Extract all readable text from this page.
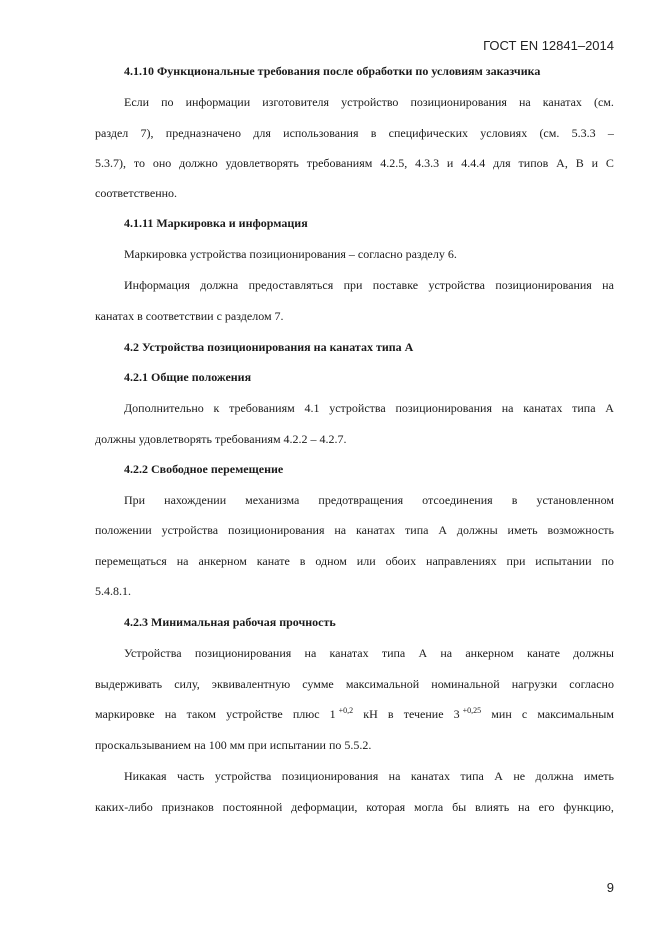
ГОСТ EN 12841–2014
4.1.10 Функциональные требования после обработки по условиям заказчика
Если по информации изготовителя устройство позиционирования на канатах (см.
раздел 7), предназначено для использования в специфических условиях (см. 5.3.3 –
5.3.7), то оно должно удовлетворять требованиям 4.2.5, 4.3.3 и 4.4.4 для типов A, B и C
соответственно.
4.1.11 Маркировка и информация
Маркировка устройства позиционирования – согласно разделу 6.
Информация должна предоставляться при поставке устройства позиционирования на
канатах в соответствии с разделом 7.
4.2 Устройства позиционирования на канатах типа А
4.2.1 Общие положения
Дополнительно к требованиям 4.1 устройства позиционирования на канатах типа А
должны удовлетворять требованиям 4.2.2 – 4.2.7.
4.2.2 Свободное перемещение
При нахождении механизма предотвращения отсоединения в установленном
положении устройства позиционирования на канатах типа А должны иметь возможность
перемещаться на анкерном канате в одном или обоих направлениях при испытании по
5.4.8.1.
4.2.3 Минимальная рабочая прочность
Устройства позиционирования на канатах типа А на анкерном канате должны
выдерживать силу, эквивалентную сумме максимальной номинальной нагрузки согласно
маркировке на таком устройстве плюс 1 $^{+0,2}$ кН в течение 3 $^{+0,25}$ мин с максимальным
проскальзыванием на 100 мм при испытании по 5.5.2.
Никакая часть устройства позиционирования на канатах типа А не должна иметь
каких-либо признаков постоянной деформации, которая могла бы влиять на его функцию,
9
